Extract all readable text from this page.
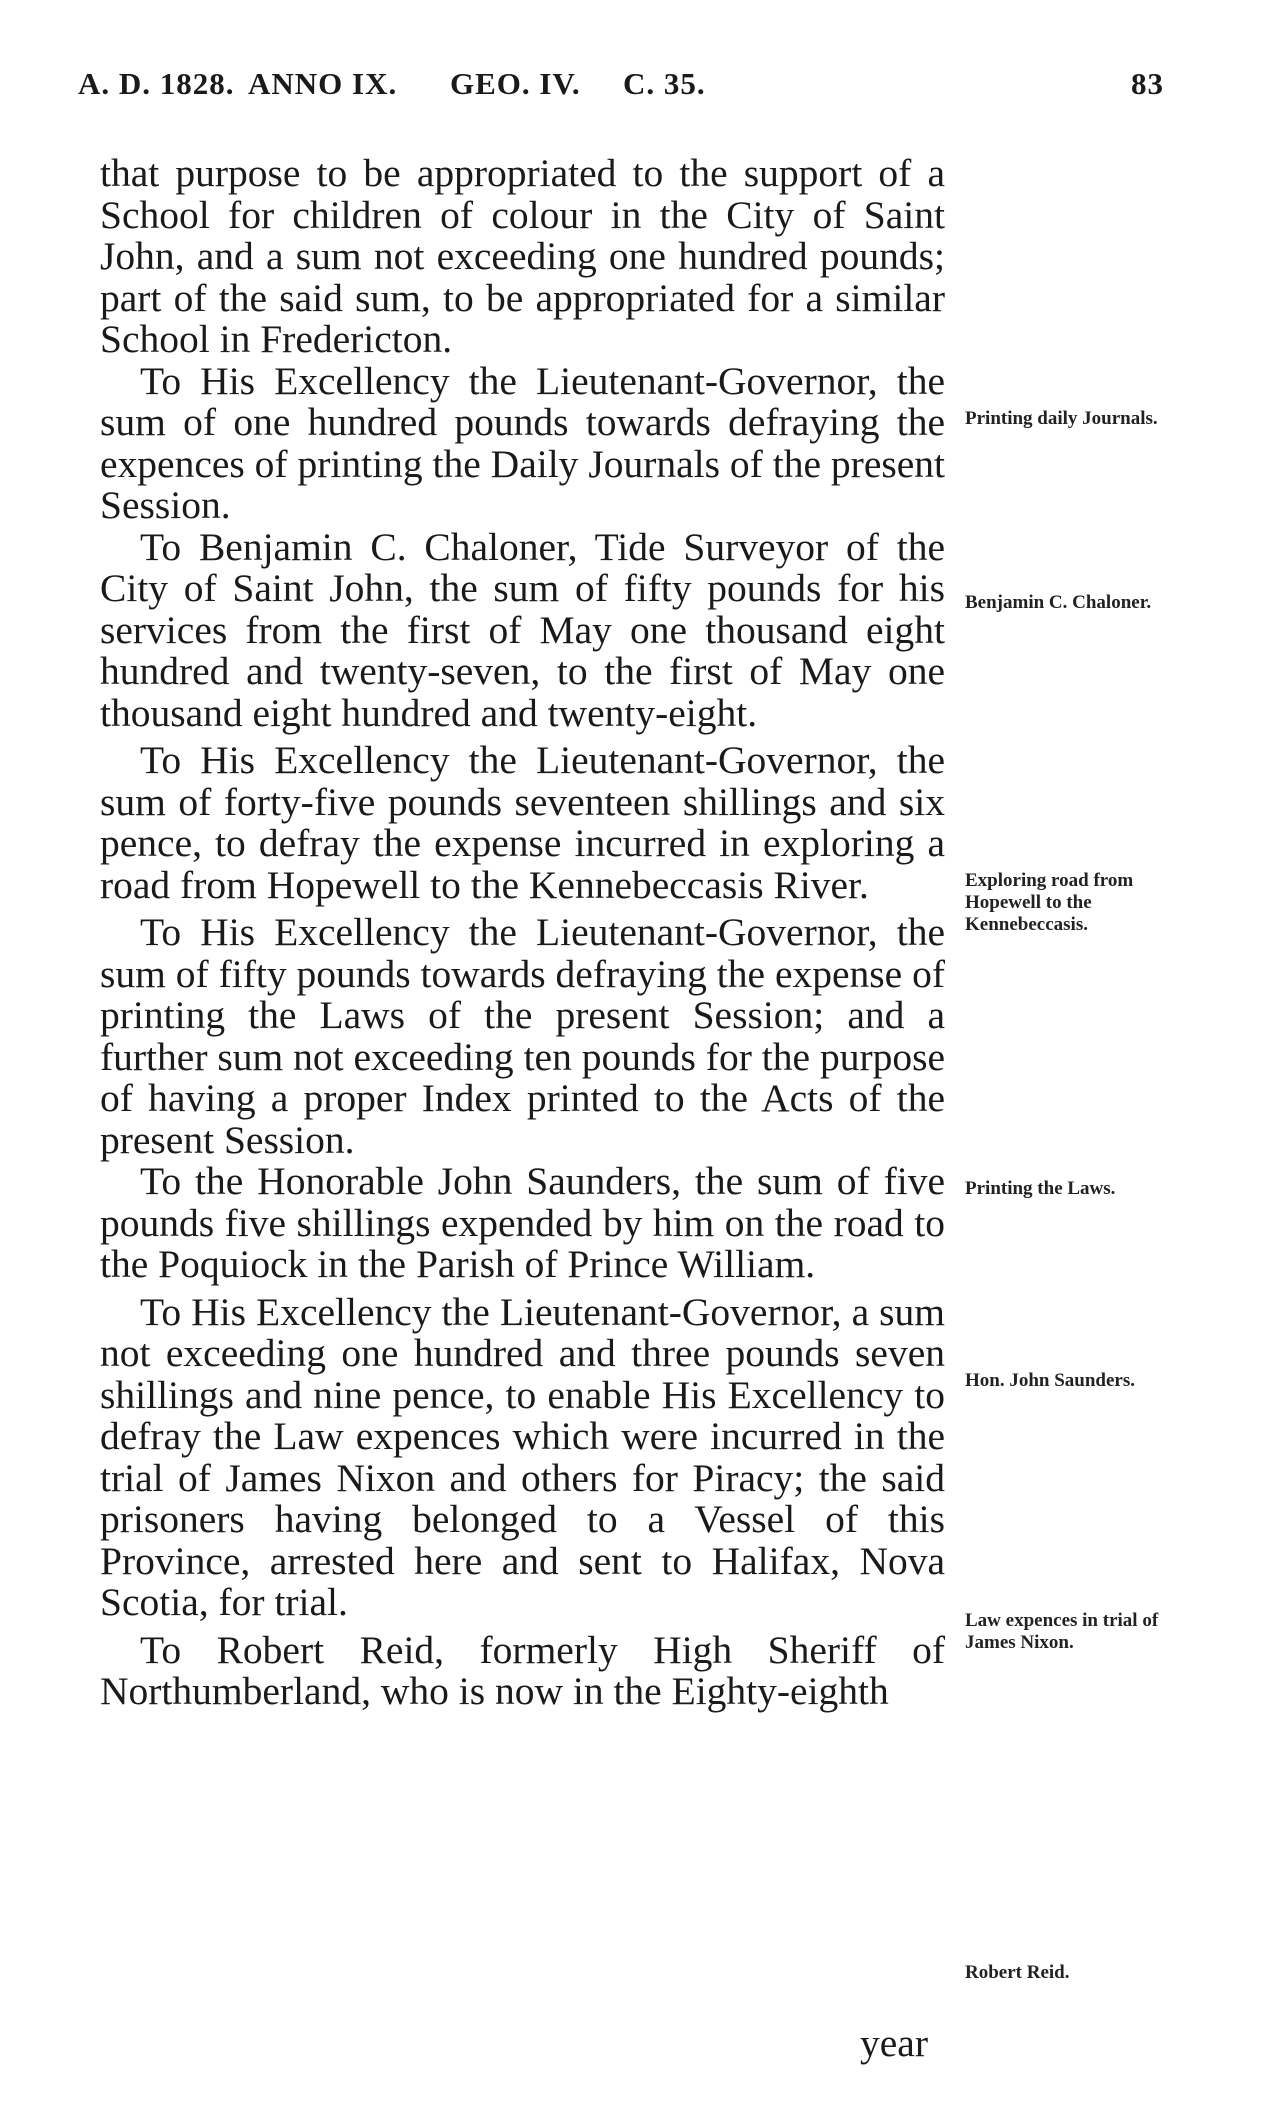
A. D. 1828. ANNO IX. GEO. IV. C. 35.	83

that purpose to be appropriated to the support of a School for children of colour in the City of Saint John, and a sum not exceeding one hundred pounds; part of the said sum, to be appropriated for a similar School in Fredericton.

To His Excellency the Lieutenant-Governor, the sum of one hundred pounds towards defraying the expences of printing the Daily Journals of the present Session.

To Benjamin C. Chaloner, Tide Surveyor of the City of Saint John, the sum of fifty pounds for his services from the first of May one thousand eight hundred and twenty-seven, to the first of May one thousand eight hundred and twenty-eight.

To His Excellency the Lieutenant-Governor, the sum of forty-five pounds seventeen shillings and six pence, to defray the expense incurred in exploring a road from Hopewell to the Kennebeccasis River.

To His Excellency the Lieutenant-Governor, the sum of fifty pounds towards defraying the expense of printing the Laws of the present Session; and a further sum not exceeding ten pounds for the purpose of having a proper Index printed to the Acts of the present Session.

To the Honorable John Saunders, the sum of five pounds five shillings expended by him on the road to the Poquiock in the Parish of Prince William.

To His Excellency the Lieutenant-Governor, a sum not exceeding one hundred and three pounds seven shillings and nine pence, to enable His Excellency to defray the Law expences which were incurred in the trial of James Nixon and others for Piracy; the said prisoners having belonged to a Vessel of this Province, arrested here and sent to Halifax, Nova Scotia, for trial.

To Robert Reid, formerly High Sheriff of Northumberland, who is now in the Eighty-eighth

year
Printing daily Journals.
Benjamin C. Chaloner.
Exploring road from Hopewell to the Kennebeccasis.
Printing the Laws.
Hon. John Saunders.
Law expences in trial of James Nixon.
Robert Reid.
